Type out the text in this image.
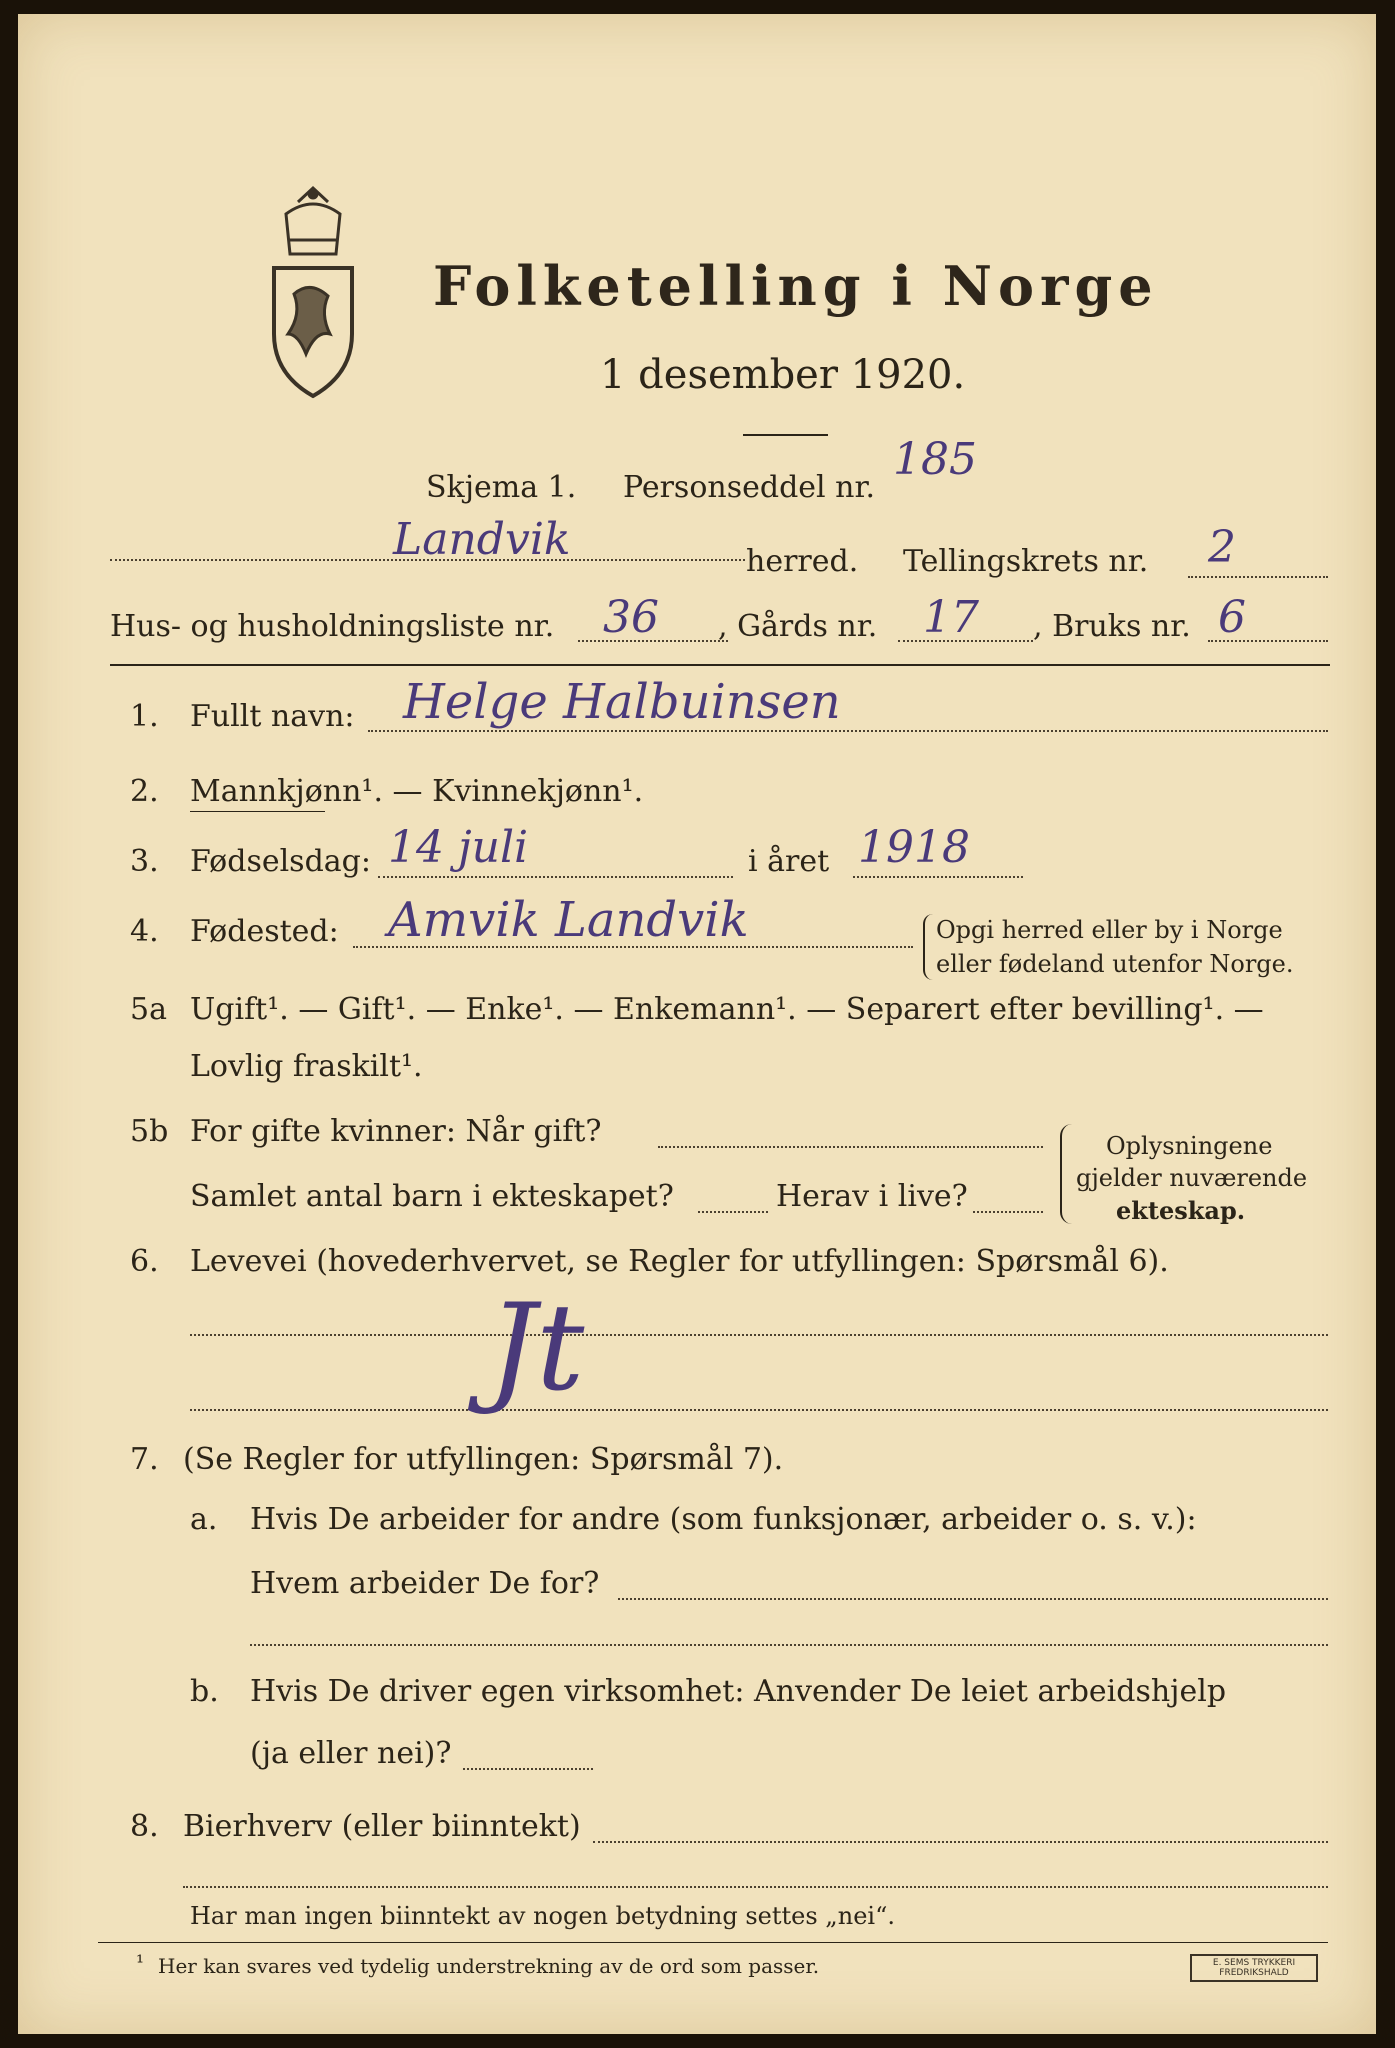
Folketelling i Norge
1 desember 1920.
Skjema 1. Personseddel nr.
185
Landvik	herred. Tellingskrets nr. 2
Hus- og husholdningsliste nr. 36 , Gårds nr. 17 , Bruks nr. 6
1. Fullt navn: Helge Halbuinsen
2. Mannkjønn¹. — Kvinnekjønn¹.
3. Fødselsdag: 14 juli	i året 1918
4. Fødested: Amvik Landvik	Opgi herred eller by i Norge
eller fødeland utenfor Norge.
5a Ugift¹. — Gift¹. — Enke¹. — Enkemann¹. — Separert efter bevilling¹. —
Lovlig fraskilt¹.
5b For gifte kvinner: Når gift?
Samlet antal barn i ekteskapet?	Herav i live?
Oplysningene
gjelder nuværende
ekteskap.
6. Levevei (hovederhvervet, se Regler for utfyllingen: Spørsmål 6).
Jt
7. (Se Regler for utfyllingen: Spørsmål 7).
a. Hvis De arbeider for andre (som funksjonær, arbeider o. s. v.):
Hvem arbeider De for?
b. Hvis De driver egen virksomhet: Anvender De leiet arbeidshjelp
(ja eller nei)?
8. Bierhverv (eller biinntekt)
Har man ingen biinntekt av nogen betydning settes „nei“.
¹ Her kan svares ved tydelig understrekning av de ord som passer.	E. SEMS TRYKKERI FREDRIKSHALD
